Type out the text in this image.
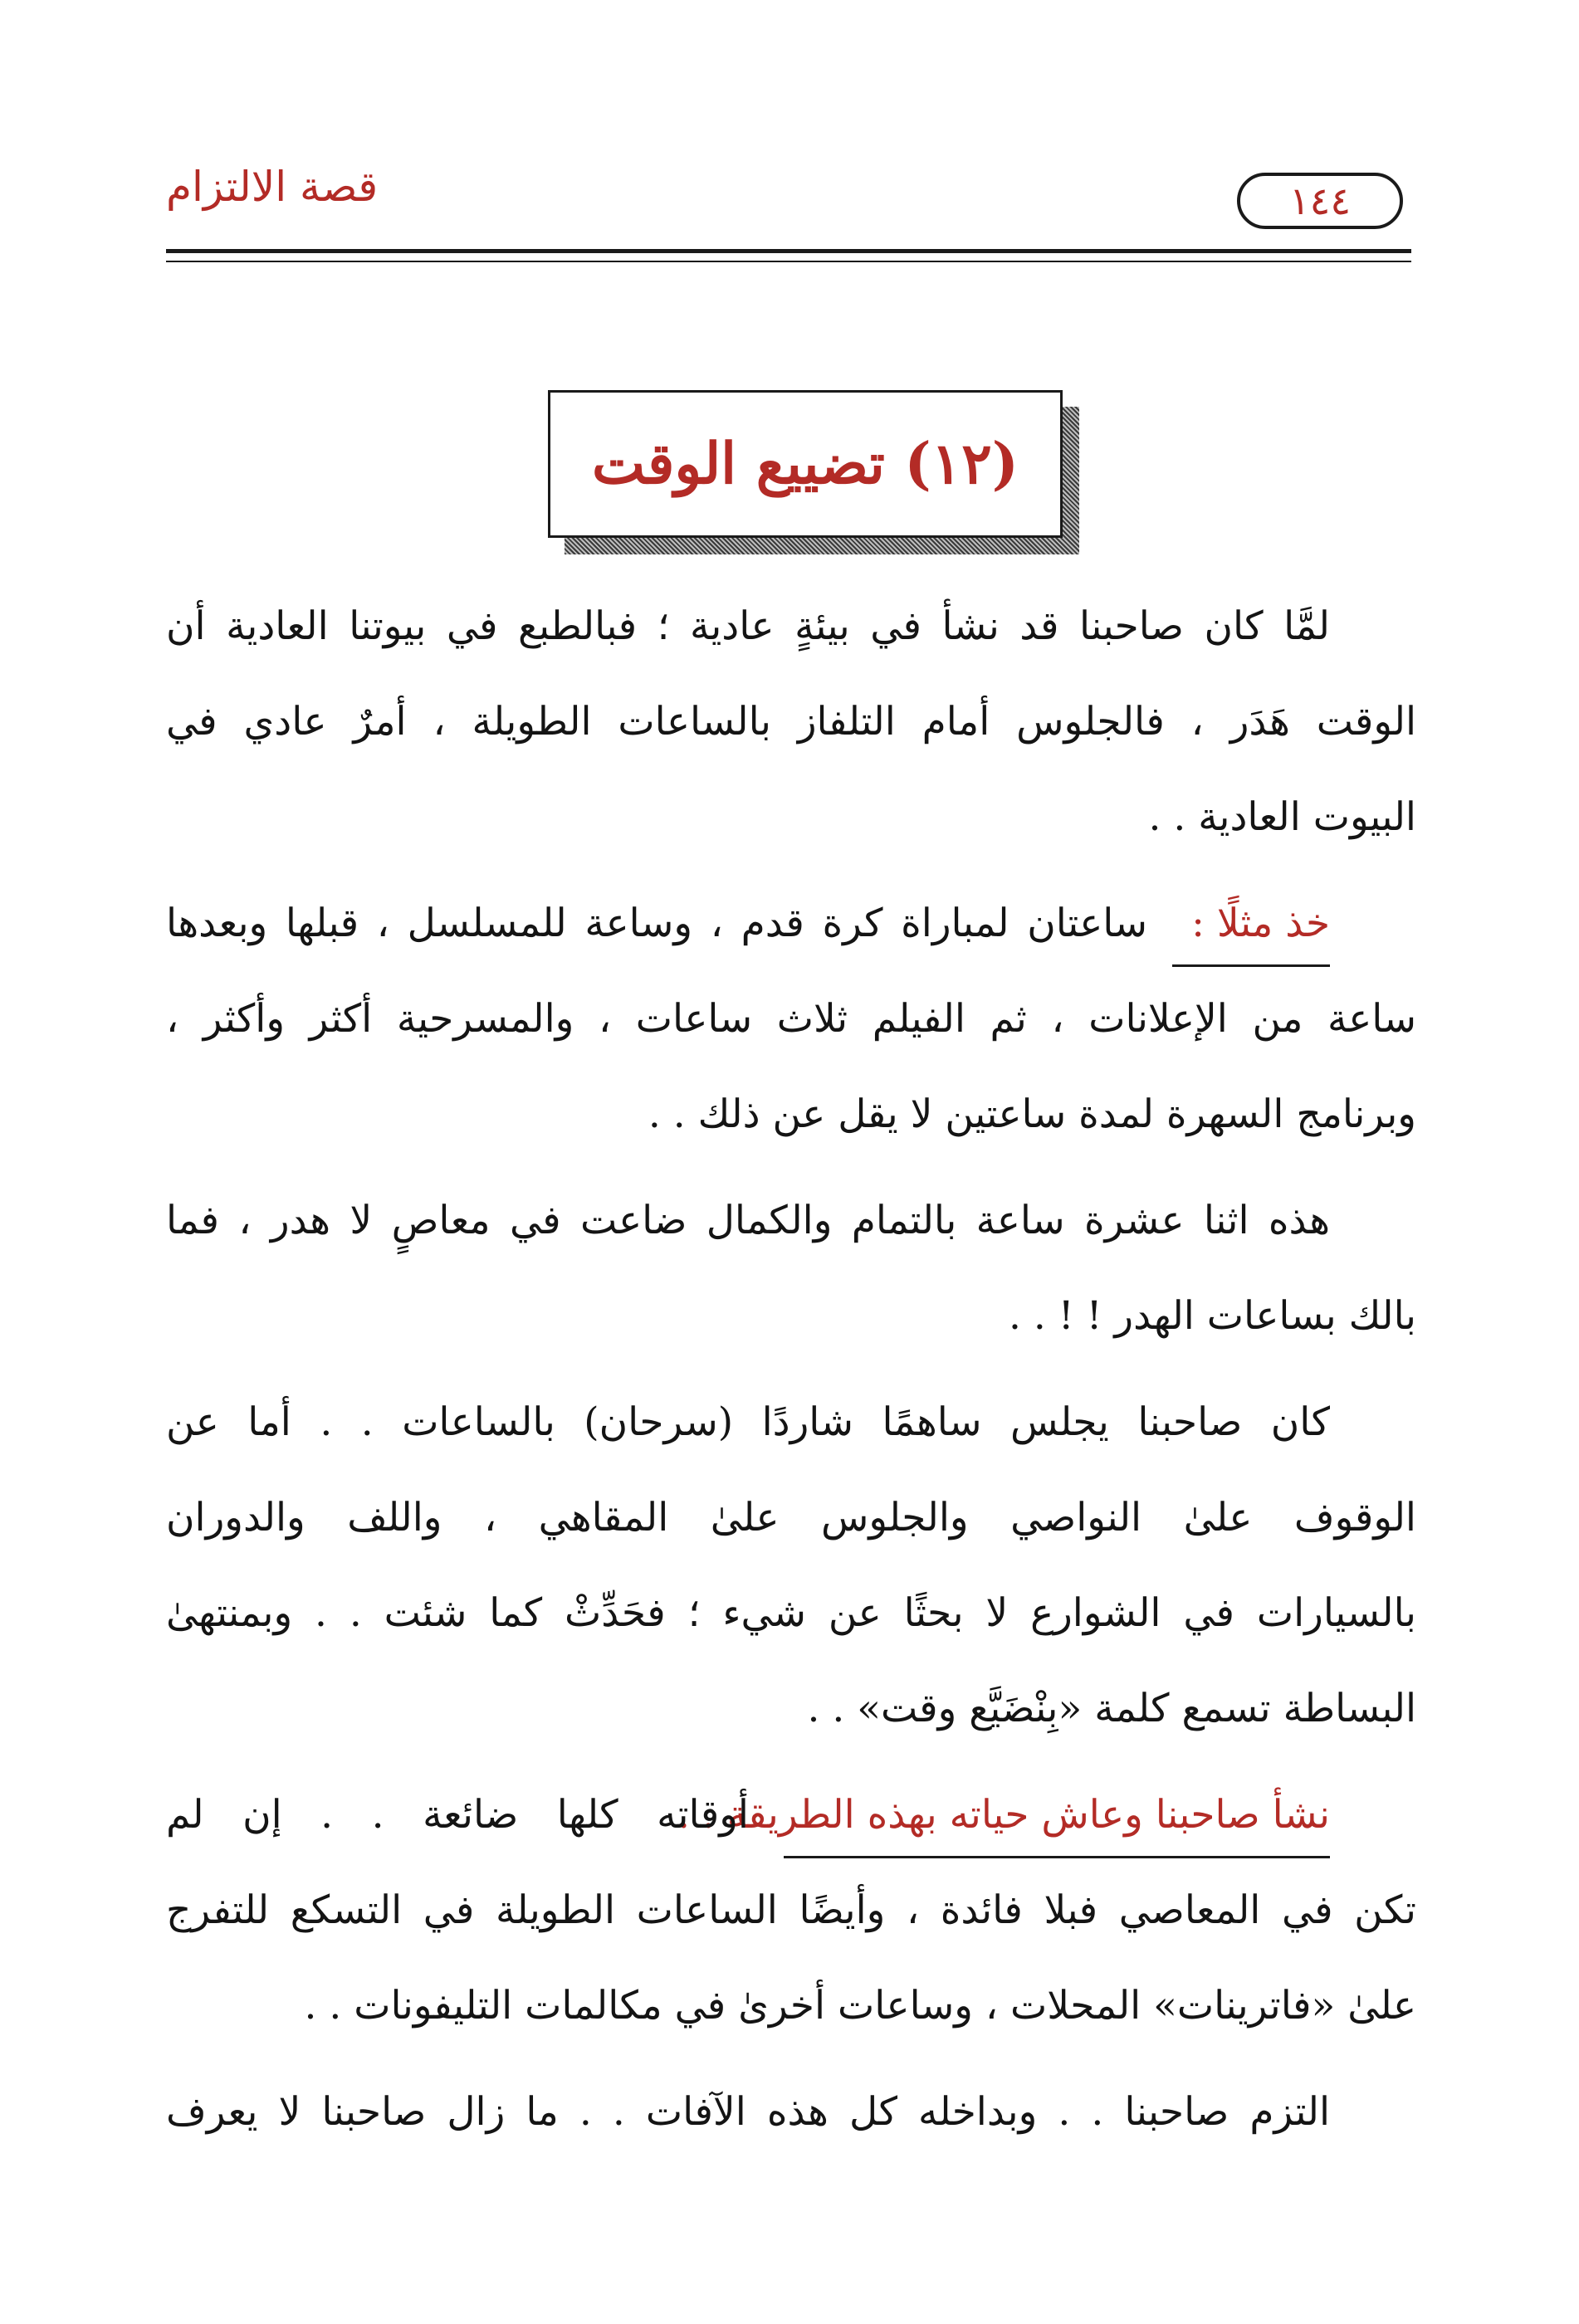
قصة الالتزام	١٤٤
(١٢) تضييع الوقت
لمَّا كان صاحبنا قد نشأ في بيئةٍ عادية ؛ فبالطبع في بيوتنا العادية أن
الوقت هَدَر ، فالجلوس أمام التلفاز بالساعات الطويلة ، أمرٌ عادي في
البيوت العادية . .
خذ مثلًا :
ساعتان لمباراة كرة قدم ، وساعة للمسلسل ، قبلها وبعدها
ساعة من الإعلانات ، ثم الفيلم ثلاث ساعات ، والمسرحية أكثر وأكثر ،
وبرنامج السهرة لمدة ساعتين لا يقل عن ذلك . .
هذه اثنا عشرة ساعة بالتمام والكمال ضاعت في معاصٍ لا هدر ، فما
بالك بساعات الهدر ! ! . .
كان صاحبنا يجلس ساهمًا شاردًا (سرحان) بالساعات . . أما عن
الوقوف علىٰ النواصي والجلوس علىٰ المقاهي ، واللف والدوران
بالسيارات في الشوارع لا بحثًا عن شيء ؛ فحَدِّثْ كما شئت . . وبمنتهىٰ
البساطة تسمع كلمة «بِنْضَيَّع وقت» . .
نشأ صاحبنا وعاش حياته بهذه الطريقة . .
أوقاته كلها ضائعة . . إن لم
تكن في المعاصي فبلا فائدة ، وأيضًا الساعات الطويلة في التسكع للتفرج
علىٰ «فاترينات» المحلات ، وساعات أخرىٰ في مكالمات التليفونات . .
التزم صاحبنا . . وبداخله كل هذه الآفات . . ما زال صاحبنا لا يعرف
